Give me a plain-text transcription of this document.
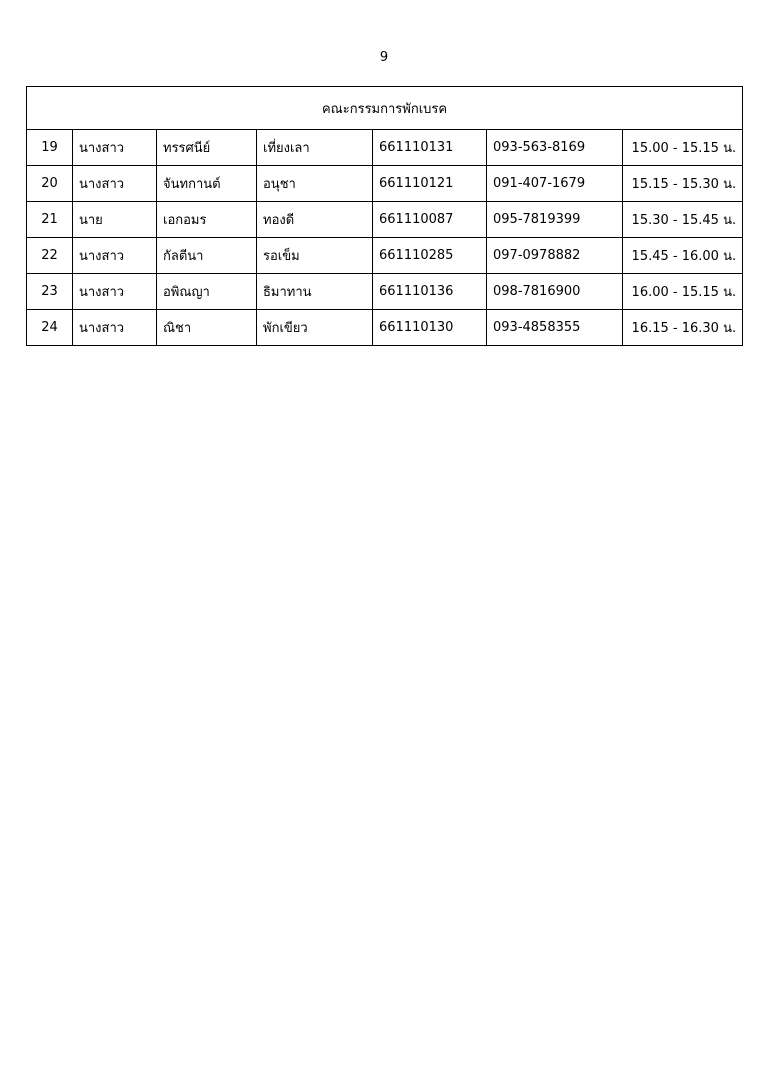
9
คณะกรรมการพักเบรค						
19	นางสาว	ทรรศนีย์	เที่ยงเลา	661110131	093-563-8169	15.00 - 15.15 น.
20	นางสาว	จันทกานต์	อนุชา	661110121	091-407-1679	15.15 - 15.30 น.
21	นาย	เอกอมร	ทองดี	661110087	095-7819399	15.30 - 15.45 น.
22	นางสาว	กัลตีนา	รอเข็ม	661110285	097-0978882	15.45 - 16.00 น.
23	นางสาว	อพิณญา	ธิมาทาน	661110136	098-7816900	16.00 - 15.15 น.
24	นางสาว	ณิชา	พักเขียว	661110130	093-4858355	16.15 - 16.30 น.
